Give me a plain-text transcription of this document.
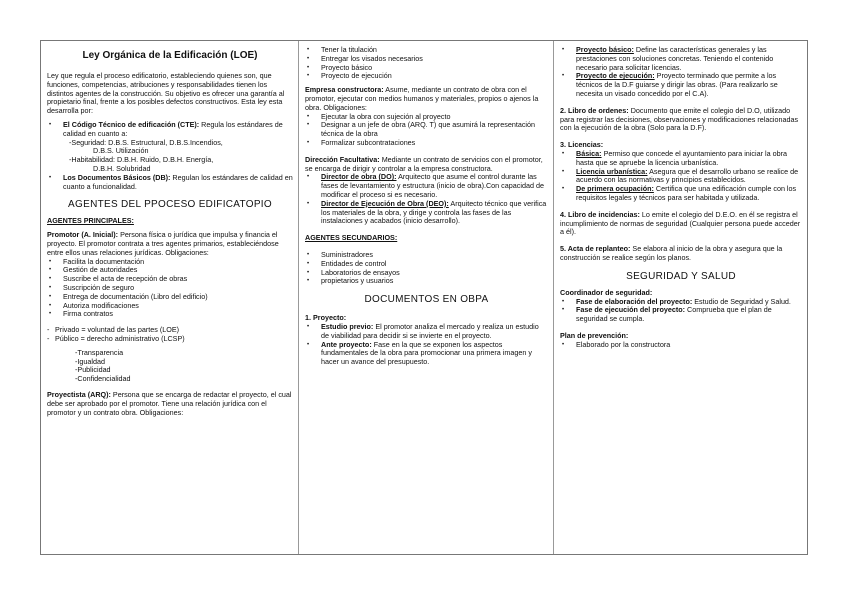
Ley Orgánica de la Edificación (LOE)

Ley que regula el proceso edificatorio, estableciendo quienes son, que funciones, competencias, atribuciones y responsabilidades tienen los distintos agentes de la construcción. Su objetivo es ofrecer una garantía al propietario final, frente a los posibles defectos constructivos. Esta ley esta desarrolla por:

• El Código Técnico de edificación (CTE): Regula los estándares de calidad en cuanto a:
-Seguridad: D.B.S. Estructural, D.B.S.Incendios,
D.B.S. Utilización
-Habitabilidad: D.B.H. Ruido, D.B.H. Energía,
D.B.H. Solubridad
• Los Documentos Básicos (DB): Regulan los estándares de calidad en cuanto a funcionalidad.
AGENTES DEL PPOCESO EDIFICATOPIO
AGENTES PRINCIPALES:

Promotor (A. Inicial): Persona física o jurídica que impulsa y financia el proyecto. El promotor contrata a tres agentes primarios, estableciéndose entre ellos unas relaciones jurídicas. Obligaciones:

• Facilita la documentación
• Gestión de autoridades
• Suscribe el acta de recepción de obras
• Suscripción de seguro
• Entrega de documentación (Libro del edificio)
• Autoriza modificaciones
• Firma contratos
- Privado = voluntad de las partes (LOE)
- Público = derecho administrativo (LCSP)
-Transparencia
-Igualdad
-Publicidad
-Confidencialidad

Proyectista (ARQ): Persona que se encarga de redactar el proyecto, el cual debe ser aprobado por el promotor. Tiene una relación jurídica con el promotor y un contrato obra. Obligaciones:

• Tener la titulación
• Entregar los visados necesarios
• Proyecto básico
• Proyecto de ejecución

Empresa constructora: Asume, mediante un contrato de obra con el promotor, ejecutar con medios humanos y materiales, propios o ajenos la obra. Obligaciones:

• Ejecutar la obra con sujeción al proyecto
• Designar a un jefe de obra (ARQ. T) que asumirá la representación técnica de la obra
• Formalizar subcontrataciones

Dirección Facultativa: Mediante un contrato de servicios con el promotor, se encarga de dirigir y controlar a la empresa constructora.

• Director de obra (DO): Arquitecto que asume el control durante las fases de levantamiento y estructura (inicio de obra).Con capacidad de modificar el proceso si es necesario.
• Director de Ejecución de Obra (DEO): Arquitecto técnico que verifica los materiales de la obra, y dirige y controla las fases de las instalaciones y acabados (inicio desarrollo).
AGENTES SECUNDARIOS:
• Suministradores
• Entidades de control
• Laboratorios de ensayos
• propietarios y usuarios
DOCUMENTOS EN OBPA
1. Proyecto:
• Estudio previo: El promotor analiza el mercado y realiza un estudio de viabilidad para decidir si se invierte en el proyecto.
• Ante proyecto: Fase en la que se exponen los aspectos fundamentales de la obra para promocionar una primera imagen y hacer un avance del presupuesto.
• Proyecto básico: Define las características generales y las prestaciones con soluciones concretas. Teniendo el contenido necesario para solicitar licencias.
• Proyecto de ejecución: Proyecto terminado que permite a los técnicos de la D.F guiarse y dirigir las obras. (Para realizarlo se necesita un visado concedido por el C.A).

2. Libro de ordenes: Documento que emite el colegio del D.O, utilizado para registrar las decisiones, observaciones y modificaciones relacionadas con la ejecución de la obra (Solo para la D.F).

3. Licencias:
• Básica: Permiso que concede el ayuntamiento para iniciar la obra hasta que se apruebe la licencia urbanística.
• Licencia urbanística: Asegura que el desarrollo urbano se realice de acuerdo con las normativas y principios establecidos.
• De primera ocupación: Certifica que una edificación cumple con los requisitos legales y técnicos para ser habitada y utilizada.

4. Libro de incidencias: Lo emite el colegio del D.E.O. en él se registra el incumplimiento de normas de seguridad (Cualquier persona puede acceder a él).

5. Acta de replanteo: Se elabora al inicio de la obra y asegura que la construcción se realice según los planos.

SEGURIDAD Y SALUD
Coordinador de seguridad:
• Fase de elaboración del proyecto: Estudio de Seguridad y Salud.
• Fase de ejecución del proyecto: Comprueba que el plan de seguridad se cumpla.
Plan de prevención:
• Elaborado por la constructora
